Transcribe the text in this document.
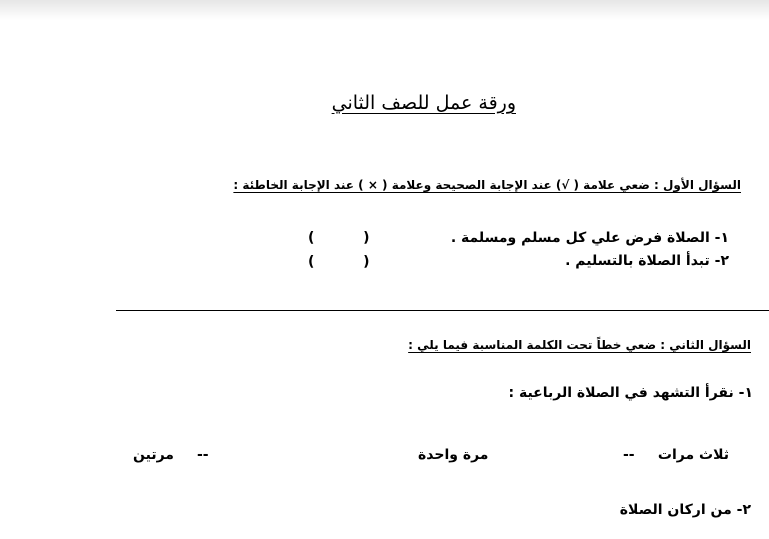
ورقة عمل للصف الثاني
السؤال الأول : ضعي علامة ( √) عند الإجابة الصحيحة وعلامة ( × ) عند الإجابة الخاطئة :
١- الصلاة فرض علي كل مسلم ومسلمة .
(          )
٢- تبدأ الصلاة بالتسليم .
(          )
السؤال الثاني : ضعي خطاً تحت الكلمة المناسبة فيما يلي :
١- نقرأ التشهد في الصلاة الرباعية :
ثلاث مرات
--
مرة واحدة
--
مرتين
٢- من اركان الصلاة
